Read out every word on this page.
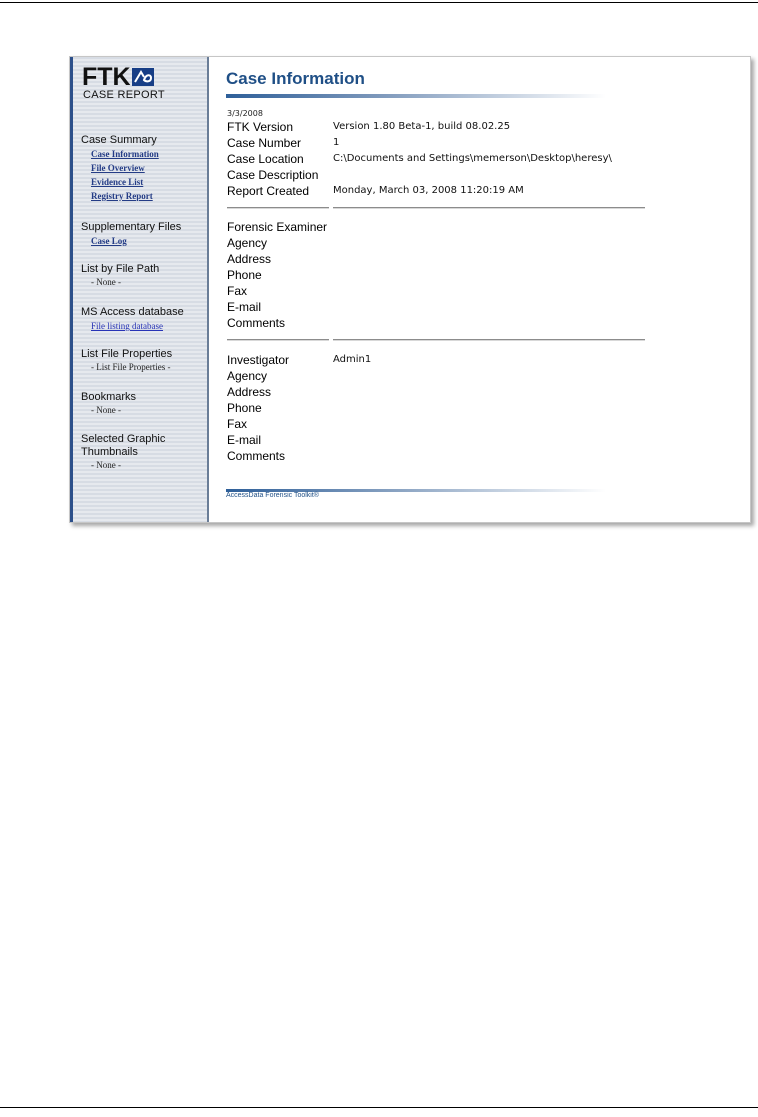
FTK
CASE REPORT
Case Summary
Case Information
File Overview
Evidence List
Registry Report
Supplementary Files
Case Log
List by File Path
- None -
MS Access database
File listing database
List File Properties
- List File Properties -
Bookmarks
- None -
Selected Graphic
Thumbnails
- None -
Case Information
3/3/2008
FTK Version	Version 1.80 Beta-1, build 08.02.25
Case Number	1
Case Location	C:\Documents and Settings\memerson\Desktop\heresy\
Case Description
Report Created Monday, March 03, 2008 11:20:19 AM
Forensic Examiner
Agency
Address
Phone
Fax
E-mail
Comments
Investigator	Admin1
Agency
Address
Phone
Fax
E-mail
Comments
AccessData Forensic Toolkit®
